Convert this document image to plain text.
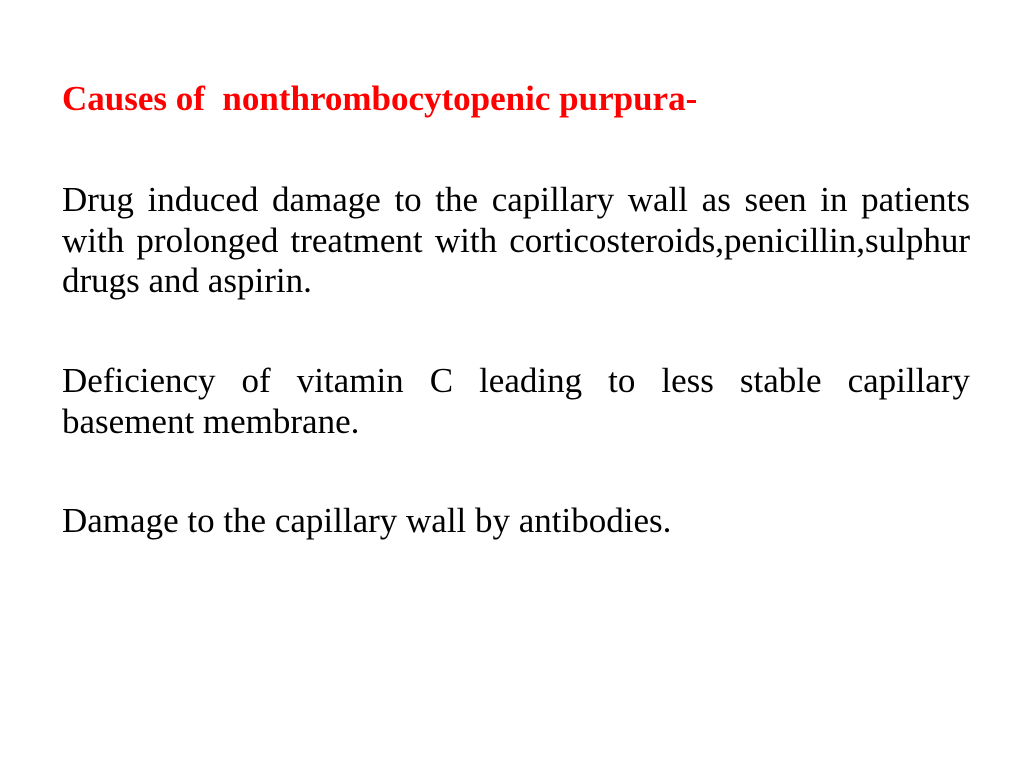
Causes of  nonthrombocytopenic purpura-

Drug induced damage to the capillary wall as seen in patients with prolonged treatment with corticosteroids,penicillin,sulphur drugs and aspirin.

Deficiency of vitamin C leading to less stable capillary basement membrane.

Damage to the capillary wall by antibodies.
